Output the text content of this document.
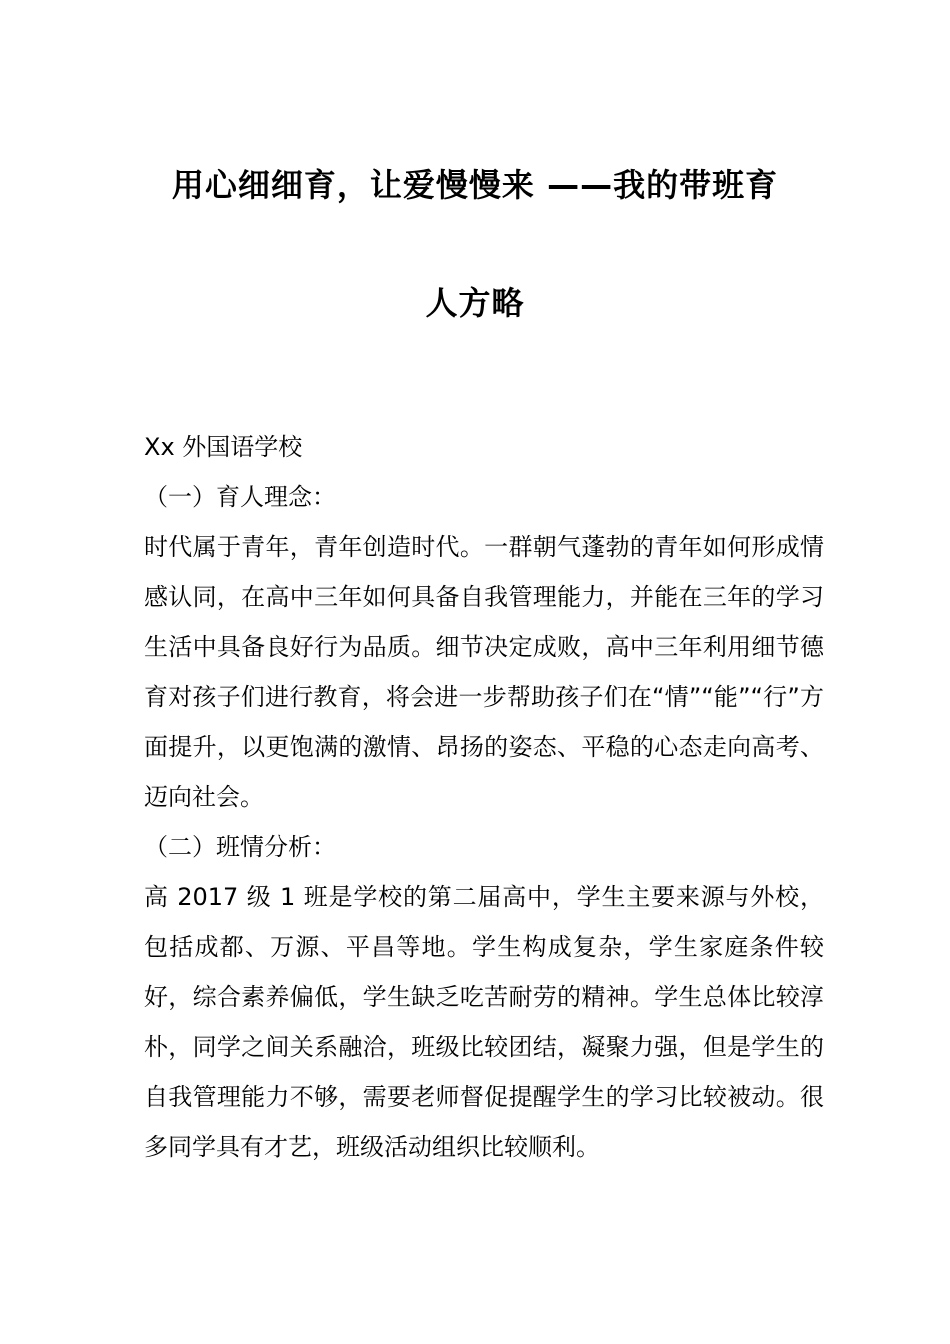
用心细细育，让爱慢慢来 ——我的带班育
人方略

Xx 外国语学校

（一）育人理念：

时代属于青年，青年创造时代。一群朝气蓬勃的青年如何形成情感认同，在高中三年如何具备自我管理能力，并能在三年的学习生活中具备良好行为品质。细节决定成败，高中三年利用细节德育对孩子们进行教育，将会进一步帮助孩子们在“情”“能”“行”方面提升，以更饱满的激情、昂扬的姿态、平稳的心态走向高考、迈向社会。

（二）班情分析：

高 2017 级 1 班是学校的第二届高中，学生主要来源与外校，包括成都、万源、平昌等地。学生构成复杂，学生家庭条件较好，综合素养偏低，学生缺乏吃苦耐劳的精神。学生总体比较淳朴，同学之间关系融洽，班级比较团结，凝聚力强，但是学生的自我管理能力不够，需要老师督促提醒学生的学习比较被动。很多同学具有才艺，班级活动组织比较顺利。
